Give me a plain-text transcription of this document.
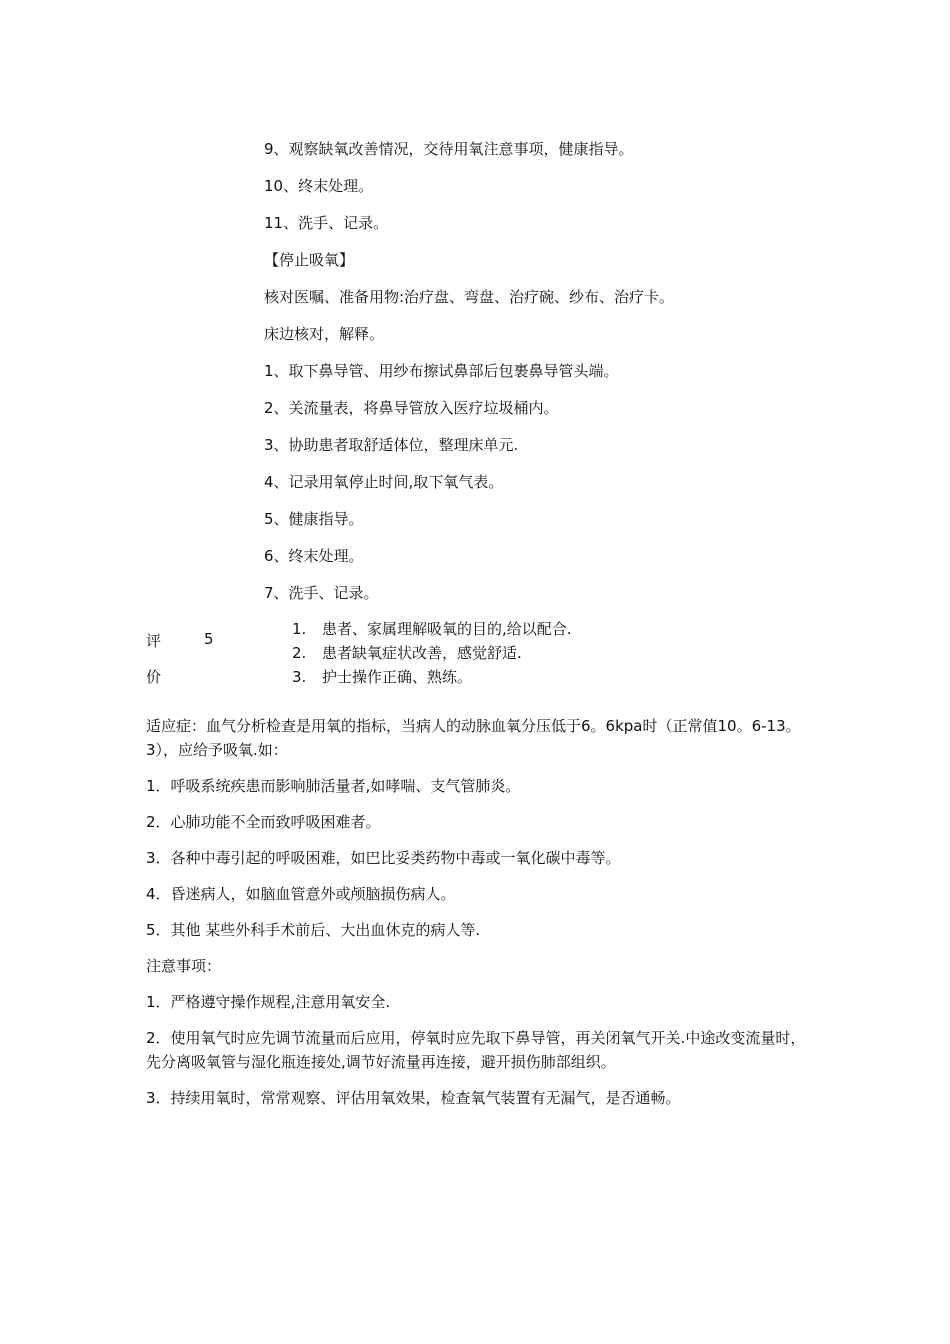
9、观察缺氧改善情况，交待用氧注意事项，健康指导。
10、终末处理。
11、洗手、记录。
【停止吸氧】
核对医嘱、准备用物:治疗盘、弯盘、治疗碗、纱布、治疗卡。
床边核对，解释。
1、取下鼻导管、用纱布擦试鼻部后包裹鼻导管头端。
2、关流量表，将鼻导管放入医疗垃圾桶内。
3、协助患者取舒适体位，整理床单元.
4、记录用氧停止时间,取下氧气表。
5、健康指导。
6、终末处理。
7、洗手、记录。
评
价
5
1. 患者、家属理解吸氧的目的,给以配合.
2. 患者缺氧症状改善，感觉舒适.
3. 护士操作正确、熟练。
适应症：血气分析检查是用氧的指标，当病人的动脉血氧分压低于6。6kpa时（正常值10。6-13。3），应给予吸氧.如：
1．呼吸系统疾患而影响肺活量者,如哮喘、支气管肺炎。
2．心肺功能不全而致呼吸困难者。
3．各种中毒引起的呼吸困难，如巴比妥类药物中毒或一氧化碳中毒等。
4．昏迷病人，如脑血管意外或颅脑损伤病人。
5．其他 某些外科手术前后、大出血休克的病人等.
注意事项：
1．严格遵守操作规程,注意用氧安全.
2．使用氧气时应先调节流量而后应用，停氧时应先取下鼻导管，再关闭氧气开关.中途改变流量时，先分离吸氧管与湿化瓶连接处,调节好流量再连接，避开损伤肺部组织。
3．持续用氧时，常常观察、评估用氧效果，检查氧气装置有无漏气，是否通畅。
